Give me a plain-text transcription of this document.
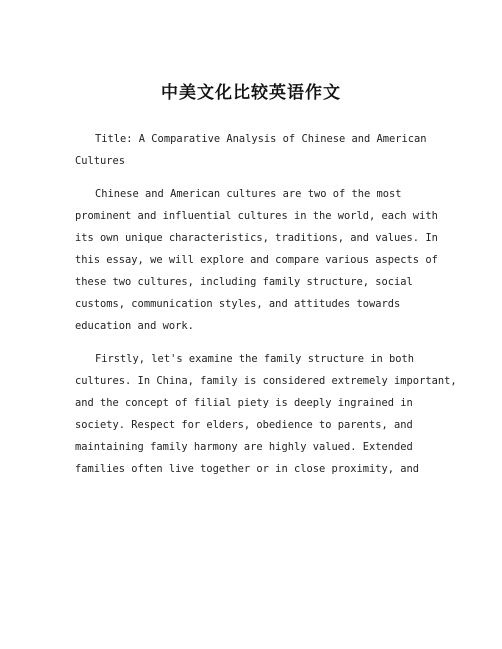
中美文化比较英语作文
Title: A Comparative Analysis of Chinese and American
Cultures
Chinese and American cultures are two of the most
prominent and influential cultures in the world, each with
its own unique characteristics, traditions, and values. In
this essay, we will explore and compare various aspects of
these two cultures, including family structure, social
customs, communication styles, and attitudes towards
education and work.
Firstly, let's examine the family structure in both
cultures. In China, family is considered extremely important,
and the concept of filial piety is deeply ingrained in
society. Respect for elders, obedience to parents, and
maintaining family harmony are highly valued. Extended
families often live together or in close proximity, and
